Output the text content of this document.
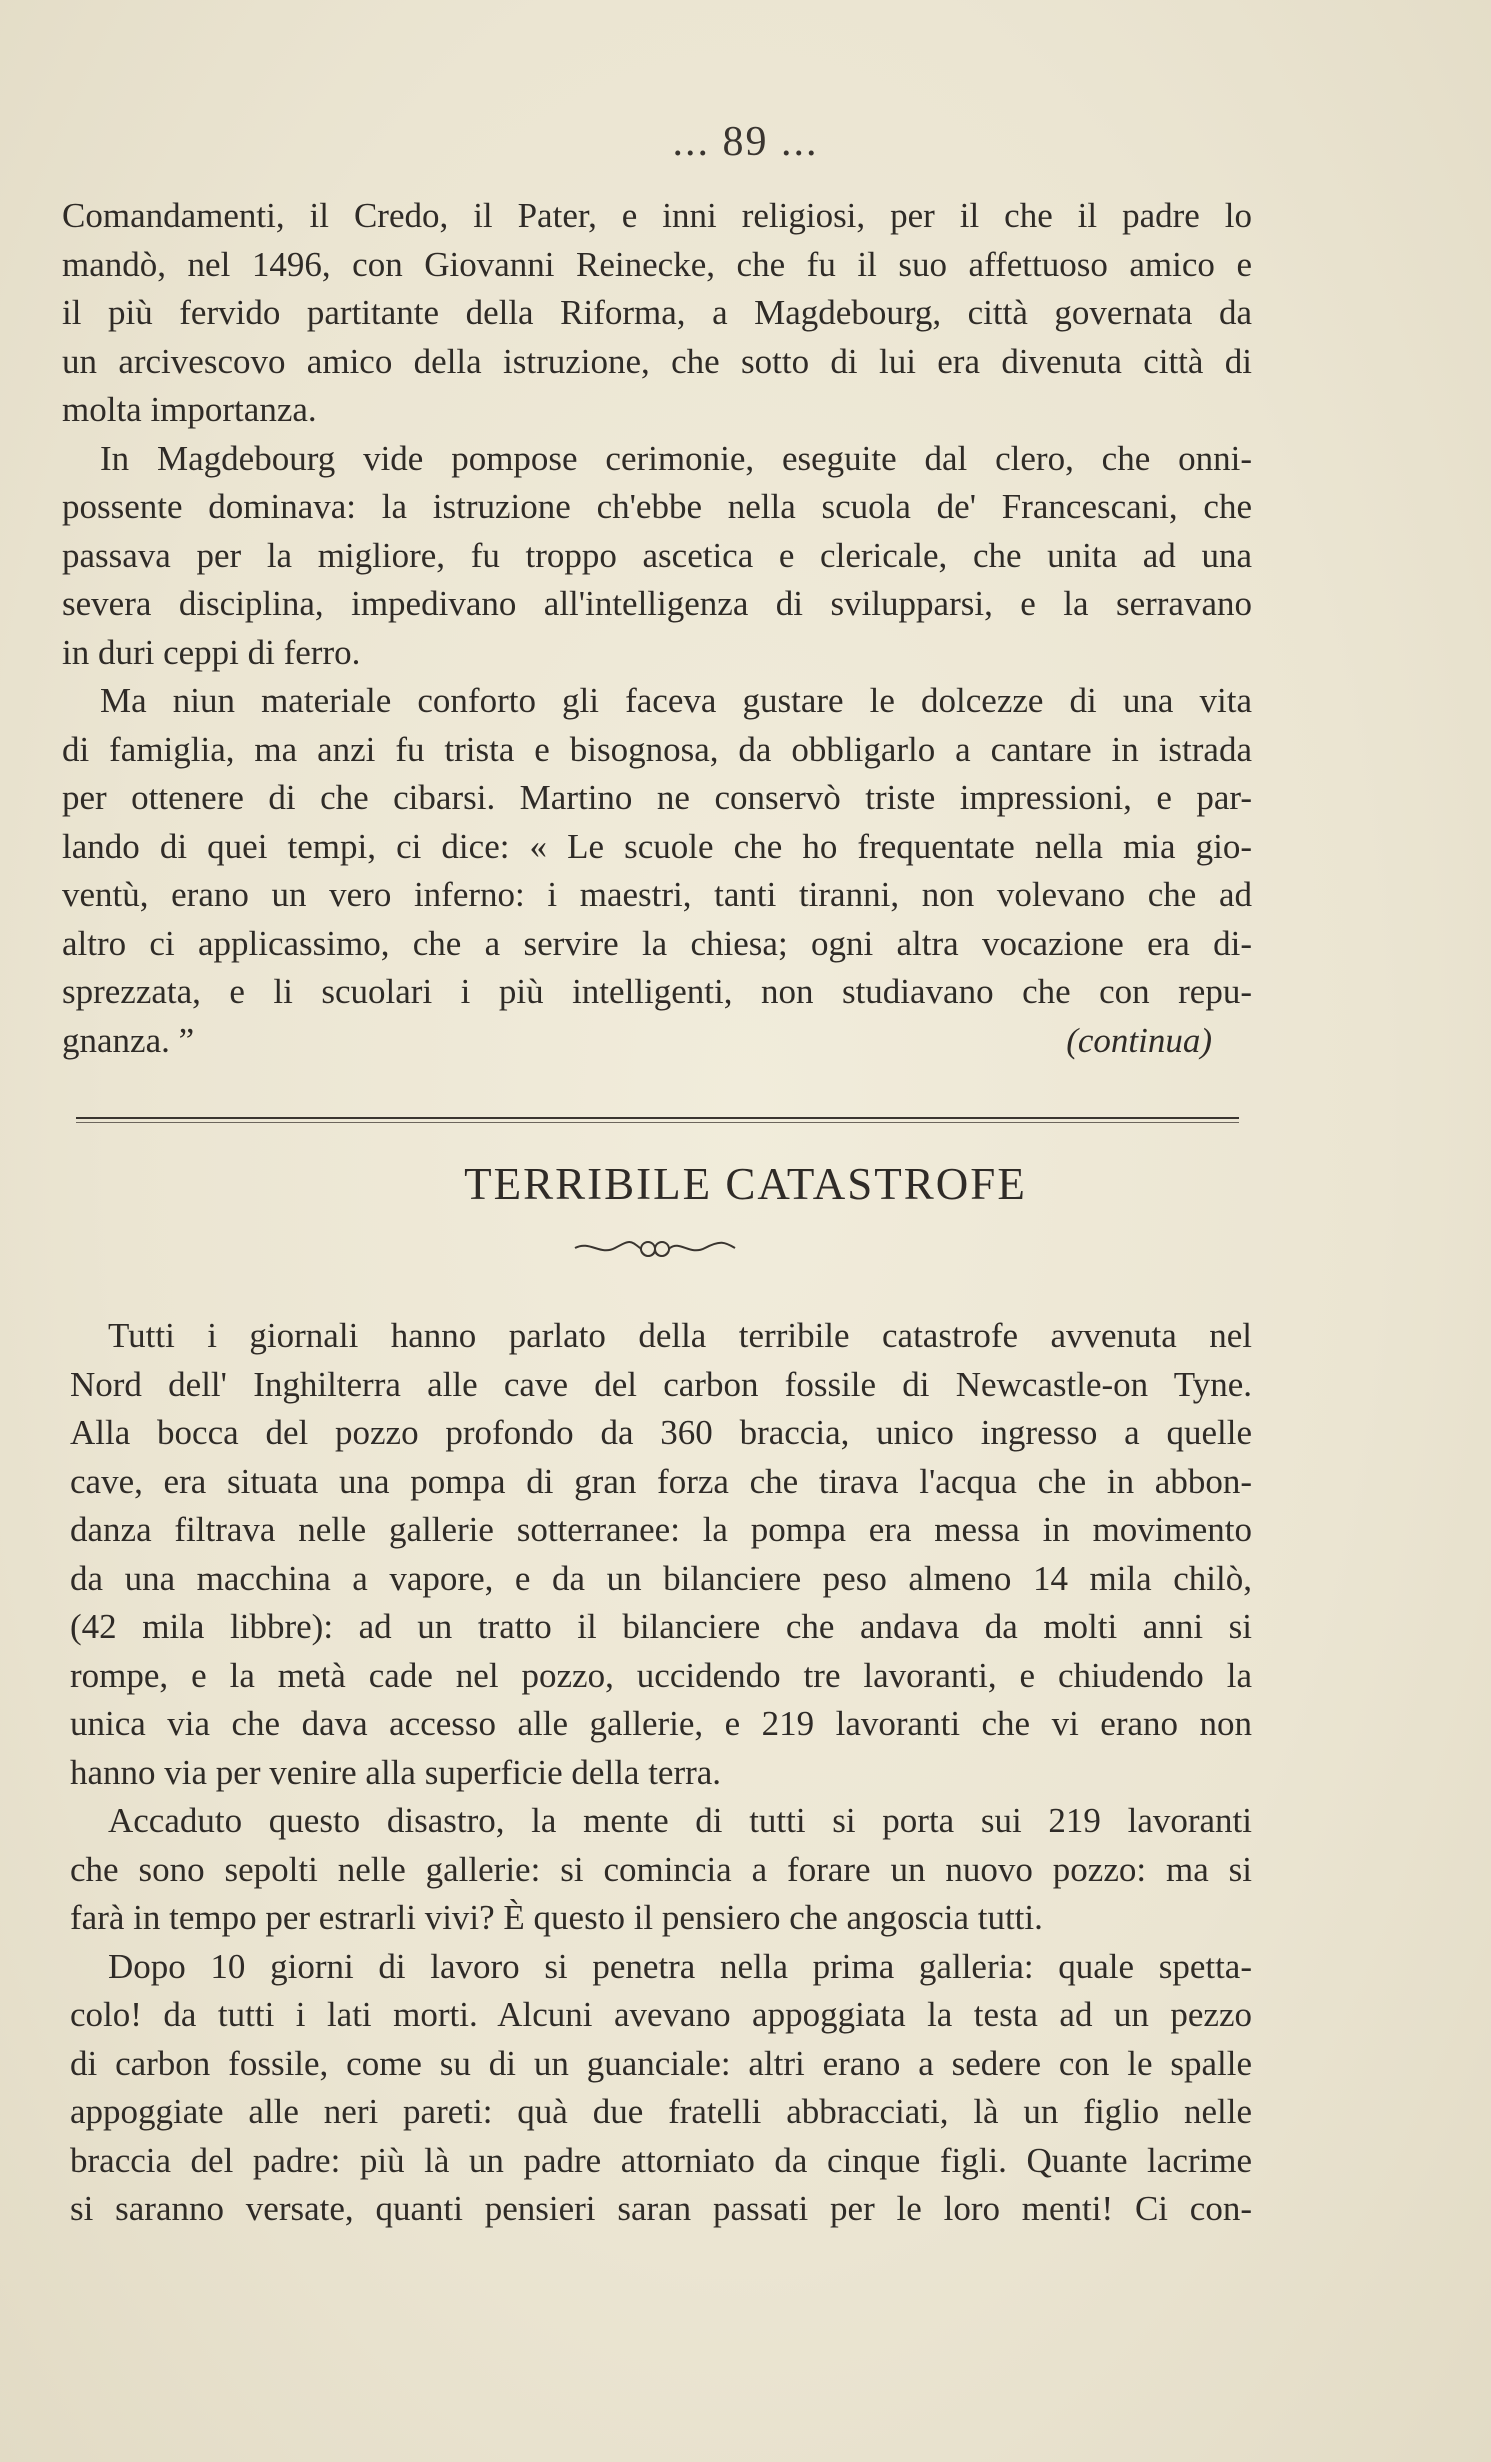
... 89 ...
Comandamenti, il Credo, il Pater, e inni religiosi, per il che il padre lo
mandò, nel 1496, con Giovanni Reinecke, che fu il suo affettuoso amico e
il più fervido partitante della Riforma, a Magdebourg, città governata da
un arcivescovo amico della istruzione, che sotto di lui era divenuta città di
molta importanza.
In Magdebourg vide pompose cerimonie, eseguite dal clero, che onni-
possente dominava: la istruzione ch'ebbe nella scuola de' Francescani, che
passava per la migliore, fu troppo ascetica e clericale, che unita ad una
severa disciplina, impedivano all'intelligenza di svilupparsi, e la serravano
in duri ceppi di ferro.
Ma niun materiale conforto gli faceva gustare le dolcezze di una vita
di famiglia, ma anzi fu trista e bisognosa, da obbligarlo a cantare in istrada
per ottenere di che cibarsi. Martino ne conservò triste impressioni, e par-
lando di quei tempi, ci dice: « Le scuole che ho frequentate nella mia gio-
ventù, erano un vero inferno: i maestri, tanti tiranni, non volevano che ad
altro ci applicassimo, che a servire la chiesa; ogni altra vocazione era di-
sprezzata, e li scuolari i più intelligenti, non studiavano che con repu-
gnanza. ”	(continua)
TERRIBILE CATASTROFE
Tutti i giornali hanno parlato della terribile catastrofe avvenuta nel
Nord dell' Inghilterra alle cave del carbon fossile di Newcastle-on Tyne.
Alla bocca del pozzo profondo da 360 braccia, unico ingresso a quelle
cave, era situata una pompa di gran forza che tirava l'acqua che in abbon-
danza filtrava nelle gallerie sotterranee: la pompa era messa in movimento
da una macchina a vapore, e da un bilanciere peso almeno 14 mila chilò,
(42 mila libbre): ad un tratto il bilanciere che andava da molti anni si
rompe, e la metà cade nel pozzo, uccidendo tre lavoranti, e chiudendo la
unica via che dava accesso alle gallerie, e 219 lavoranti che vi erano non
hanno via per venire alla superficie della terra.
Accaduto questo disastro, la mente di tutti si porta sui 219 lavoranti
che sono sepolti nelle gallerie: si comincia a forare un nuovo pozzo: ma si
farà in tempo per estrarli vivi? È questo il pensiero che angoscia tutti.
Dopo 10 giorni di lavoro si penetra nella prima galleria: quale spetta-
colo! da tutti i lati morti. Alcuni avevano appoggiata la testa ad un pezzo
di carbon fossile, come su di un guanciale: altri erano a sedere con le spalle
appoggiate alle neri pareti: quà due fratelli abbracciati, là un figlio nelle
braccia del padre: più là un padre attorniato da cinque figli. Quante lacrime
si saranno versate, quanti pensieri saran passati per le loro menti! Ci con-
